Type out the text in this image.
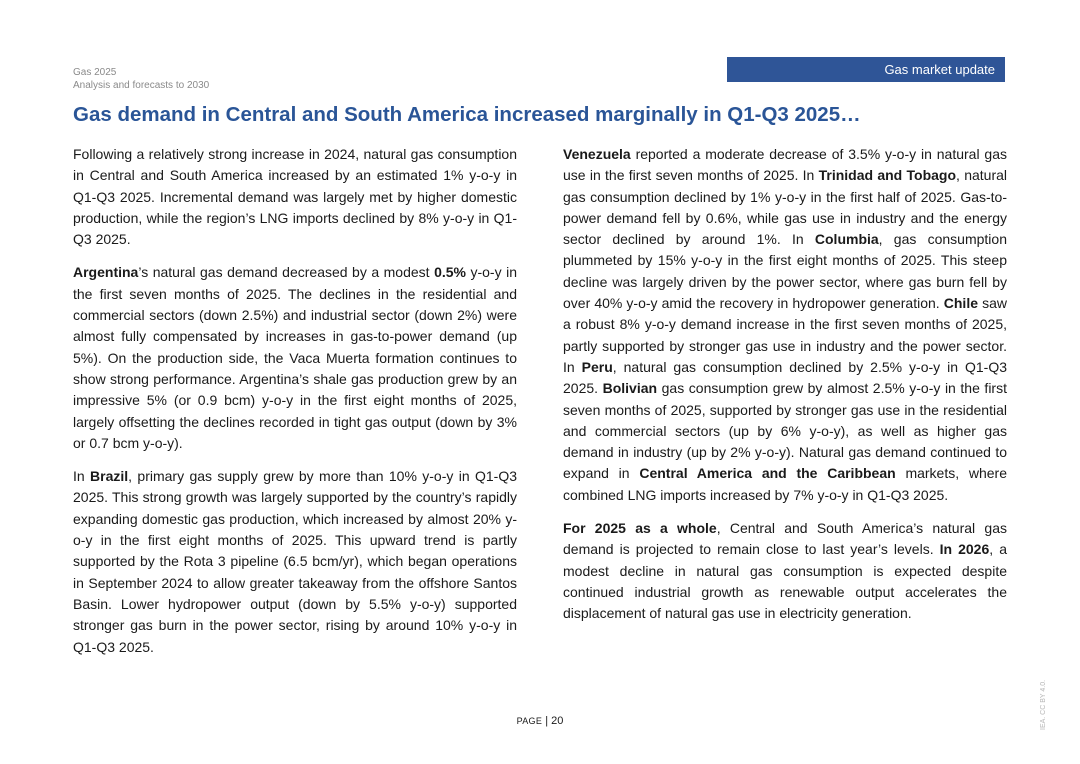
Gas 2025
Analysis and forecasts to 2030
Gas market update
Gas demand in Central and South America increased marginally in Q1-Q3 2025…

Following a relatively strong increase in 2024, natural gas consumption in Central and South America increased by an estimated 1% y-o-y in Q1-Q3 2025. Incremental demand was largely met by higher domestic production, while the region’s LNG imports declined by 8% y-o-y in Q1-Q3 2025.

Argentina’s natural gas demand decreased by a modest 0.5% y-o-y in the first seven months of 2025. The declines in the residential and commercial sectors (down 2.5%) and industrial sector (down 2%) were almost fully compensated by increases in gas-to-power demand (up 5%). On the production side, the Vaca Muerta formation continues to show strong performance. Argentina’s shale gas production grew by an impressive 5% (or 0.9 bcm) y-o-y in the first eight months of 2025, largely offsetting the declines recorded in tight gas output (down by 3% or 0.7 bcm y-o-y).

In Brazil, primary gas supply grew by more than 10% y-o-y in Q1-Q3 2025. This strong growth was largely supported by the country’s rapidly expanding domestic gas production, which increased by almost 20% y-o-y in the first eight months of 2025. This upward trend is partly supported by the Rota 3 pipeline (6.5 bcm/yr), which began operations in September 2024 to allow greater takeaway from the offshore Santos Basin. Lower hydropower output (down by 5.5% y-o-y) supported stronger gas burn in the power sector, rising by around 10% y-o-y in Q1-Q3 2025.

Venezuela reported a moderate decrease of 3.5% y-o-y in natural gas use in the first seven months of 2025. In Trinidad and Tobago, natural gas consumption declined by 1% y-o-y in the first half of 2025. Gas-to-power demand fell by 0.6%, while gas use in industry and the energy sector declined by around 1%. In Columbia, gas consumption plummeted by 15% y-o-y in the first eight months of 2025. This steep decline was largely driven by the power sector, where gas burn fell by over 40% y-o-y amid the recovery in hydropower generation. Chile saw a robust 8% y-o-y demand increase in the first seven months of 2025, partly supported by stronger gas use in industry and the power sector. In Peru, natural gas consumption declined by 2.5% y-o-y in Q1-Q3 2025. Bolivian gas consumption grew by almost 2.5% y-o-y in the first seven months of 2025, supported by stronger gas use in the residential and commercial sectors (up by 6% y-o-y), as well as higher gas demand in industry (up by 2% y-o-y). Natural gas demand continued to expand in Central America and the Caribbean markets, where combined LNG imports increased by 7% y-o-y in Q1-Q3 2025.

For 2025 as a whole, Central and South America’s natural gas demand is projected to remain close to last year’s levels. In 2026, a modest decline in natural gas consumption is expected despite continued industrial growth as renewable output accelerates the displacement of natural gas use in electricity generation.

PAGE | 20	IEA. CC BY 4.0.
